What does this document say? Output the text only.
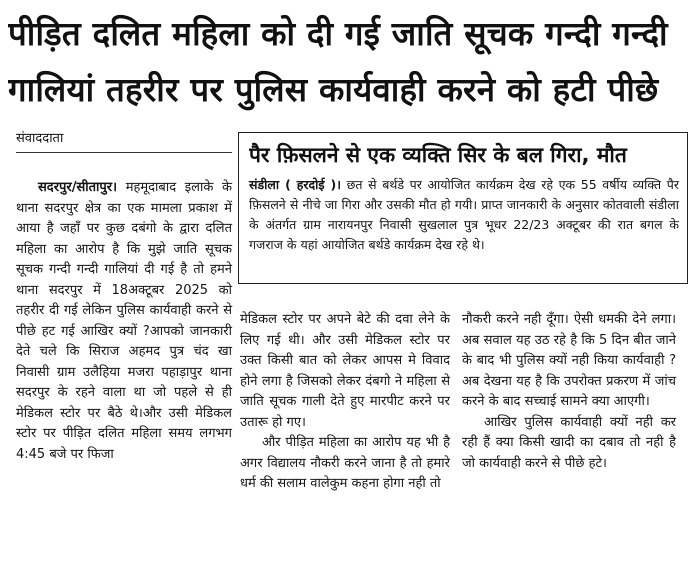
पीड़ित दलित महिला को दी गई जाति सूचक गन्दी गन्दी
गालियां तहरीर पर पुलिस कार्यवाही करने को हटी पीछे
संवाददाता

सदरपुर/सीतापुर। महमूदाबाद इलाके के थाना सदरपुर क्षेत्र का एक मामला प्रकाश में आया है जहाँ पर कुछ दबंगो के द्वारा दलित महिला का आरोप है कि मुझे जाति सूचक सूचक गन्दी गन्दी गालियां दी गई है तो हमने थाना सदरपुर में 18अक्टूबर 2025 को तहरीर दी गई लेकिन पुलिस कार्यवाही करने से पीछे हट गई आखिर क्यों ?आपको जानकारी देते चले कि सिराज अहमद पुत्र चंद खा निवासी ग्राम उलैहिया मजरा पहाड़ापुर थाना सदरपुर के रहने वाला था जो पहले से ही मेडिकल स्टोर पर बैठे थे।और उसी मेडिकल स्टोर पर पीड़ित दलित महिला समय लगभग 4:45 बजे पर फिजा

पैर फ़िसलने से एक व्यक्ति सिर के बल गिरा, मौत
संडीला ( हरदोई )। छत से बर्थडे पर आयोजित कार्यक्रम देख रहे एक 55 वर्षीय व्यक्ति पैर फ़िसलने से नीचे जा गिरा और उसकी मौत हो गयी। प्राप्त जानकारी के अनुसार कोतवाली संडीला के अंतर्गत ग्राम नारायनपुर निवासी सुखलाल पुत्र भूधर 22/23 अक्टूबर की रात बगल के गजराज के यहां आयोजित बर्थडे कार्यक्रम देख रहे थे।

मेडिकल स्टोर पर अपने बेटे की दवा लेने के लिए गई थी। और उसी मेडिकल स्टोर पर उक्त किसी बात को लेकर आपस मे विवाद होने लगा है जिसको लेकर दंबगो ने महिला से जाति सूचक गाली देते हुए मारपीट करने पर उतारू हो गए।

और पीड़ित महिला का आरोप यह भी है अगर विद्यालय नौकरी करने जाना है तो हमारे धर्म की सलाम वालेकुम कहना होगा नही तो

नौकरी करने नही दूँगा। ऐसी धमकी देने लगा। अब सवाल यह उठ रहे है कि 5 दिन बीत जाने के बाद भी पुलिस क्यों नही किया कार्यवाही ? अब देखना यह है कि उपरोक्त प्रकरण में जांच करने के बाद सच्चाई सामने क्या आएगी।

आखिर पुलिस कार्यवाही क्यों नही कर रही हैं क्या किसी खादी का दबाव तो नही है जो कार्यवाही करने से पीछे हटे।
